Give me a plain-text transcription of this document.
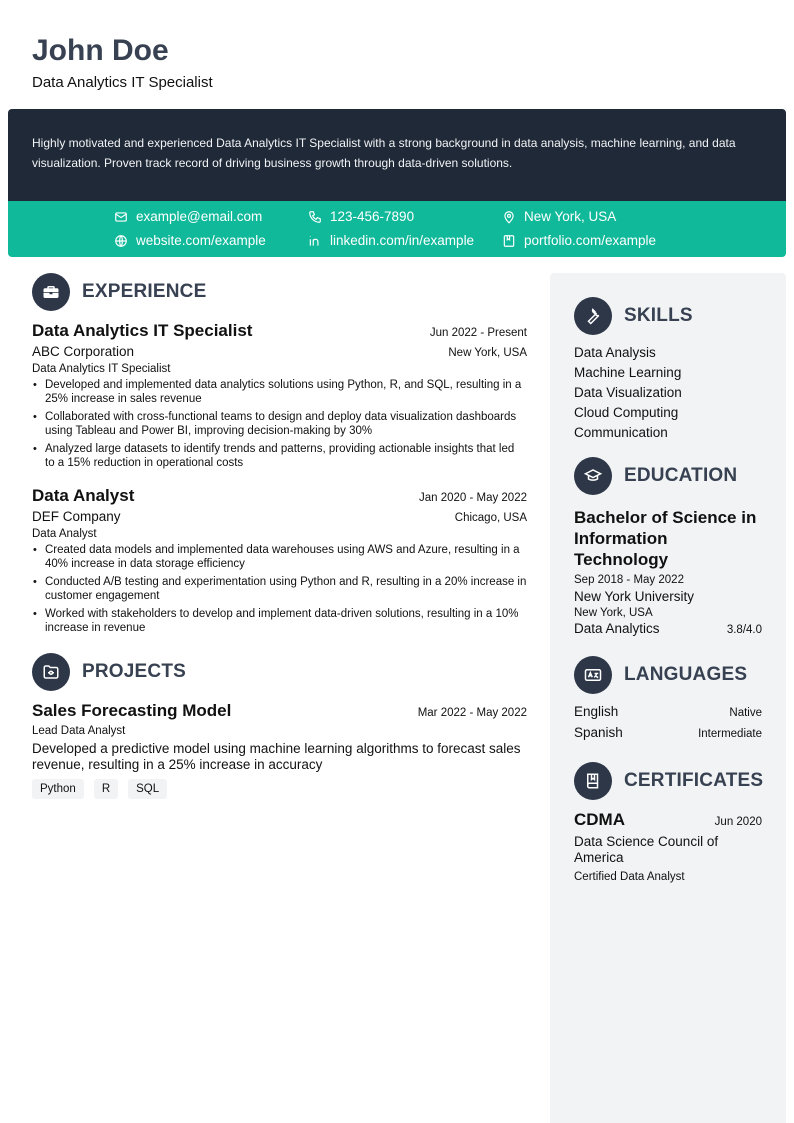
John Doe
Data Analytics IT Specialist
Highly motivated and experienced Data Analytics IT Specialist with a strong background in data analysis, machine learning, and data visualization. Proven track record of driving business growth through data-driven solutions.
example@email.com	123-456-7890	New York, USA
website.com/example	linkedin.com/in/example	portfolio.com/example
EXPERIENCE
Data Analytics IT Specialist	Jun 2022 - Present
ABC Corporation	New York, USA
Data Analytics IT Specialist
• Developed and implemented data analytics solutions using Python, R, and SQL, resulting in a 25% increase in sales revenue
• Collaborated with cross-functional teams to design and deploy data visualization dashboards using Tableau and Power BI, improving decision-making by 30%
• Analyzed large datasets to identify trends and patterns, providing actionable insights that led to a 15% reduction in operational costs
Data Analyst	Jan 2020 - May 2022
DEF Company	Chicago, USA
Data Analyst
• Created data models and implemented data warehouses using AWS and Azure, resulting in a 40% increase in data storage efficiency
• Conducted A/B testing and experimentation using Python and R, resulting in a 20% increase in customer engagement
• Worked with stakeholders to develop and implement data-driven solutions, resulting in a 10% increase in revenue
PROJECTS
Sales Forecasting Model	Mar 2022 - May 2022
Lead Data Analyst
Developed a predictive model using machine learning algorithms to forecast sales revenue, resulting in a 25% increase in accuracy
Python	R	SQL
SKILLS
Data Analysis
Machine Learning
Data Visualization
Cloud Computing
Communication
EDUCATION
Bachelor of Science in Information Technology
Sep 2018 - May 2022
New York University
New York, USA
Data Analytics	3.8/4.0
LANGUAGES
English	Native
Spanish	Intermediate
CERTIFICATES
CDMA	Jun 2020
Data Science Council of America
Certified Data Analyst
